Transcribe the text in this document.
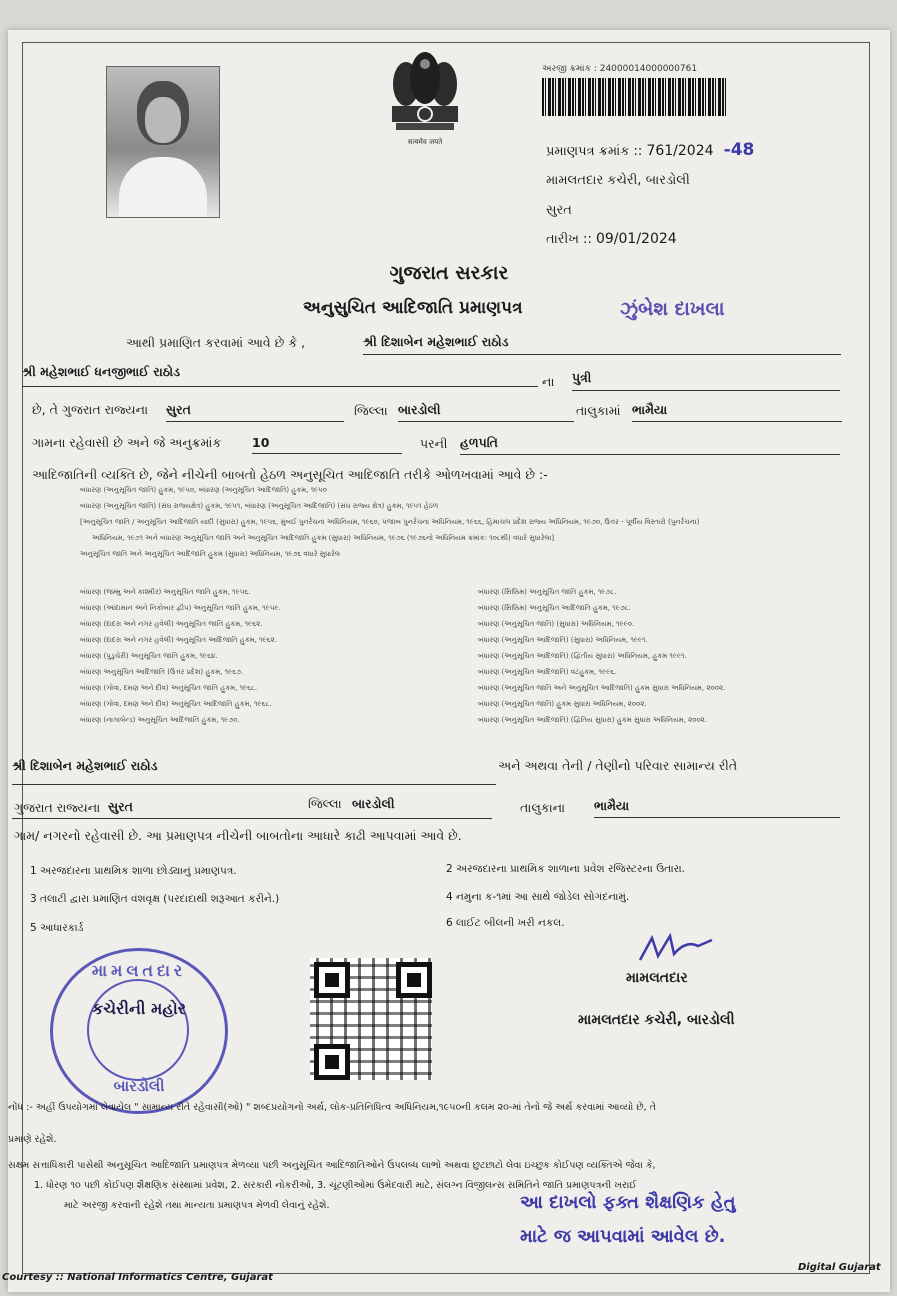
सत्यमेव जयते
અરજી ક્રમાંક : 24000014000000761
પ્રમાણપત્ર ક્રમાંક :: 761/2024 -48
મામલતદાર કચેરી, બારડોલી
સુરત
તારીખ :: 09/01/2024
ગુજરાત સરકાર
અનુસુચિત આદિજાતિ પ્રમાણપત્ર	ઝુંબેશ દાખલા
આથી પ્રમાણિત કરવામાં આવે છે કે ,	શ્રી દિશાબેન મહેશભાઈ રાઠોડ
શ્રી મહેશભાઈ ધનજીભાઈ રાઠોડ
ના પુત્રી
છે, તે ગુજરાત રાજ્યના સુરત	જિલ્લા બારડોલી	તાલુકામાં ભામૈયા
ગામના રહેવાસી છે અને જે અનુક્રમાંક 10	પરની હળપતિ
આદિજાતિની વ્યક્તિ છે, જેને નીચેની બાબતો હેઠળ અનુસૂચિત આદિજાતિ તરીકે ઓળખવામાં આવે છે :-
બંધારણ (અનુસૂચિત જાતિ) હુકમ, ૧૯૫૦, બંધારણ (અનુસૂચિત આદિજાતિ) હુકમ, ૧૯૫૦
બંધારણ (અનુસૂચિત જાતિ) (સંઘ રાજ્યક્ષેત્ર) હુકમ, ૧૯૫૧, બંધારણ (અનુસૂચિત આદિજાતિ) (સંઘ રાજ્ય ક્ષેત્ર) હુકમ, ૧૯૫૧ હેઠળ
[અનુસૂચિત જાતિ / અનુસૂચિત આદિજાતિ યાદી (સુધારા) હુકમ, ૧૯૫૬, મુંબઈ પુનર્રચના અધિનિયમ, ૧૯૬૦, પંજાબ પુનર્રચના અધિનિયમ, ૧૯૬૬, હિમાચલ પ્રદેશ રાજ્ય અધિનિયમ, ૧૯૭૦, ઉત્તર - પૂર્વીય વિસ્તારો (પુનર્રચના)
અધિનિયમ, ૧૯૭૧ અને બંધારણ અનુસૂચિત જાતિ અને અનુસૂચિત આદિજાતિ હુકમ (સુધારા) અધિનિયમ, ૧૯૭૬ (૧૯૭૬નો અધિનિયમ ક્રમાંક: ૧૦૮થી) વધારે સુધારેલા]
અનુસૂચિત જાતિ અને અનુસૂચિત આદિજાતિ હુકમ (સુધારા) અધિનિયમ, ૧૯૭૬ વધારે સુધારેલ
બંધારણ (જમ્મુ અને કાશ્મીર) અનુસૂચિત જાતિ હુકમ, ૧૯૫૬.
બંધારણ (આંદામાન અને નિકોબાર દ્વીપ) અનુસૂચિત જાતિ હુકમ, ૧૯૫૯.
બંધારણ (દાદરા અને નગર હવેલી) અનુસૂચિત જાતિ હુકમ, ૧૯૬૨.
બંધારણ (દાદરા અને નગર હવેલી) અનુસૂચિત આદિજાતિ હુકમ, ૧૯૬૨.
બંધારણ (પુડુચેરી) અનુસૂચિત જાતિ હુકમ, ૧૯૬૪.
બંધારણ અનુસૂચિત આદિજાતિ (ઉત્તર પ્રદેશ) હુકમ, ૧૯૬૭.
બંધારણ (ગોવા, દમણ અને દીવ) અનુસૂચિત જાતિ હુકમ, ૧૯૬૮.
બંધારણ (ગોવા, દમણ અને દીવ) અનુસૂચિત આદિજાતિ હુકમ, ૧૯૬૮.
બંધારણ (નાગાલેન્ડ) અનુસૂચિત આદિજાતિ હુકમ, ૧૯૭૦.
બંધારણ (સિક્કિમ) અનુસૂચિત જાતિ હુકમ, ૧૯૭૮.
બંધારણ (સિક્કિમ) અનુસૂચિત આદિજાતિ હુકમ, ૧૯૭૮.
બંધારણ (અનુસૂચિત જાતિ) (સુધારા) અધિનિયમ, ૧૯૯૦.
બંધારણ (અનુસૂચિત આદિજાતિ) (સુધારા) અધિનિયમ, ૧૯૯૧.
બંધારણ (અનુસૂચિત આદિજાતિ) (દ્વિતીય સુધારા) અધિનિયમ, હુકમ ૧૯૯૧.
બંધારણ (અનુસૂચિત આદિજાતિ) વટહુકમ, ૧૯૯૬.
બંધારણ (અનુસૂચિત જાતિ અને અનુસૂચિત આદિજાતિ) હુકમ સુધારા અધિનિયમ, ૨૦૦૨.
બંધારણ (અનુસૂચિત જાતિ) હુકમ સુધારા અધિનિયમ, ૨૦૦૨.
બંધારણ (અનુસૂચિત આદિજાતિ) (દ્વિતિય સુધારા) હુકમ સુધારા અધિનિયમ, ૨૦૦૨.
શ્રી દિશાબેન મહેશભાઈ રાઠોડ	અને અથવા તેની / તેણીનો પરિવાર સામાન્ય રીતે
ગુજરાત રાજ્યના સુરત	જિલ્લા બારડોલી	તાલુકાના ભામૈયા
ગામ/ નગરનો રહેવાસી છે. આ પ્રમાણપત્ર નીચેની બાબતોના આધારે કાઢી આપવામાં આવે છે.
1 અરજદારના પ્રાથમિક શાળા છોડ્યાનું પ્રમાણપત્ર.	2 અરજદારના પ્રાથમિક શાળાના પ્રવેશ રજિસ્ટરના ઉતારા.
3 તલાટી દ્વારા પ્રમાણિત વંશવૃક્ષ (પરદાદાથી શરૂઆત કરીને.)	4 નમુના ક-૧માં આ સાથે જોડેલ સોગંદનામું.
5 આધારકાર્ડ	6 લાઈટ બીલની ખરી નકલ.
મામલતદાર
કચેરીની મહોર
બારડોલી
મામલતદાર
મામલતદાર કચેરી, બારડોલી
નોંધ :- અહીં ઉપયોગમાં લેવાયેલ " સામાન્ય રીતે રહેવાસી(ઓ) " શબ્દપ્રયોગનો અર્થ, લોક-પ્રતિનિધિત્વ અધિનિયમ,૧૯૫૦ની કલમ ૨૦-માં તેનો જે અર્થ કરવામાં આવ્યો છે, તે
પ્રમાણે રહેશે.
સક્ષમ સત્તાધિકારી પાસેથી અનુસૂચિત આદિજાતિ પ્રમાણપત્ર મેળવ્યા પછી અનુસૂચિત આદિજાતિઓને ઉપલબ્ધ લાભો અથવા છુટછાટો લેવા ઇચ્છુક કોઈપણ વ્યક્તિએ જેવા કે,
1. ધોરણ ૧૦ પછી કોઈપણ શૈક્ષણિક સંસ્થામાં પ્રવેશ, 2. સરકારી નોકરીઓ, 3. ચૂંટણીઓમાં ઉમેદવારી માટે, સંલગ્ન વિજીલન્સ સમિતિને જાતિ પ્રમાણપત્રની ખરાઈ
માટે અરજી કરવાની રહેશે તથા માન્યતા પ્રમાણપત્ર મેળવી લેવાનું રહેશે.	આ દાખલો ફક્ત શૈક્ષણિક હેતુ
માટે જ આપવામાં આવેલ છે.
Courtesy :: National Informatics Centre, Gujarat
Digital Gujarat
